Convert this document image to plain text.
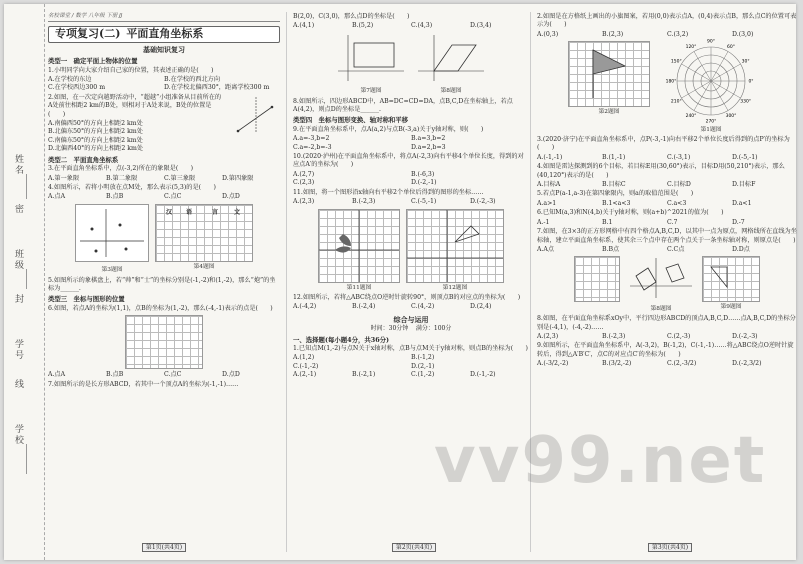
姓名
密
班级
封
学号
线
学校
名校课堂 / 数学 八年级 下册 JJ
专项复习(二) 平面直角坐标系
基础知识复习
类型一　确定平面上物体的位置
1.小明同学向大家介绍自己家的位置，其表述正确的是(　　)
A.在学校的东边	B.在学校的西北方向
C.在学校西边300 m	D.在学校北偏西30°，距离学校300 m
2.如图，在一次定向越野活动中，“超越”小组准备从目前所在的A处前往相距2 km的B处，则相对于A处来说，B处的位置是(　　)
A.南偏西50°的方向上相距2 km处
B.北偏东50°的方向上相距2 km处
C.南偏东50°的方向上相距2 km处
D.北偏西40°的方向上相距2 km处
类型二　平面直角坐标系
3.在平面直角坐标系中，点(-3,2)所在的象限是(　　)
A.第一象限	B.第二象限	C.第三象限	D.第四象限
4.如图所示，若将小明放在点M处，那么表示(5,3)的是(　　)
A.点A	B.点B	C.点C	D.点D
第3题图
汉 语	言	文
第4题图
5.如图所示的象棋盘上，若“帅”和“士”的坐标分别是(-1,-2)和(1,-2)，那么“炮”的坐标为______.
类型三　坐标与图形的位置
6.如图，若点A的坐标为(1,1)，点B的坐标为(1,-2)，那么(-4,-1)表示的点是(　　)
A.点A	B.点B	C.点C	D.点D
7.如图所示的是长方形ABCD，若其中一个顶点A的坐标为(-1,-1)……
第1页(共4页)
B(2,0)，C(3,0)，那么点D的坐标是(　　)
A.(4,1)	B.(5,2)	C.(4,3)	D.(3,4)
第7题图	第8题图
8.如图所示，四边形ABCD中，AB=DC=CD=DA，点B,C,D在坐标轴上，若点A(4,2)，则点D的坐标是______.
类型四　坐标与图形变换、轴对称和平移
9.在平面直角坐标系中，点A(a,2)与点B(-3,a)关于y轴对称，则(　　)
A.a=-3,b=2	B.a=3,b=2
C.a=-2,b=-3	D.a=2,b=3
10.(2020·泸州)在平面直角坐标系中，将点A(-2,3)向右平移4个单位长度，得到的对应点A′的坐标为(　　)
A.(2,7)	B.(-6,3)
C.(2,3)	D.(-2,-1)
11.如图，将一个图形沿x轴向右平移2个单位后得到的图形的坐标……
A.(2,3)	B.(-2,3)	C.(-5,-1)	D.(-2,-3)
第11题图	第12题图
12.如图所示，若将△ABC绕点O逆时针旋转90°，则顶点B的对应点的坐标为(　　)
A.(-4,2)	B.(-2,4)	C.(4,-2)	D.(2,4)
综合与运用
时间：30分钟 满分：100分
一、选择题(每小题4分，共36分)
1.已知点M(1,-2)与点N关于x轴对称，点B与点M关于y轴对称，则点B的坐标为(　　)
A.(1,2)	B.(-1,2)
C.(-1,-2)	D.(2,-1)
A.(2,-1)	B.(-2,1)	C.(1,-2)	D.(-1,-2)
第2页(共4页)
2.如图是在方格纸上画出的小旗图案，若用(0,0)表示点A，(0,4)表示点B，那么点C的位置可表示为(　　)
A.(0,3)	B.(2,3)	C.(3,2)	D.(3,0)
第2题图
0°
30°
60°
90°
120°
150°
180°
210°
240°
270°
300°
330°
第1题图
3.(2020·济宁)在平面直角坐标系中，点P(-3,-1)向右平移2个单位长度后得到的点P′的坐标为(　　)
A.(-1,-1)	B.(1,-1)	C.(-3,1)	D.(-5,-1)
4.如图是雷达探测到的6个目标，若目标E用(30,60°)表示，目标D用(50,210°)表示，那么(40,120°)表示的是(　　)
A.目标A	B.目标C	C.目标D	D.目标F
5.若点P(a-1,a-3)在第四象限内，则a的取值范围是(　　)
A.a>1	B.1<a<3	C.a<3	D.a<1
6.已知M(a,3)和N(4,b)关于y轴对称，则(a+b)^2021的值为(　　)
A.-1	B.1	C.7	D.-7
7.如图，在3×3的正方形网格中有四个格点A,B,C,D，以其中一点为原点，网格线所在直线为坐标轴，建立平面直角坐标系，使其余三个点中存在两个点关于一条坐标轴对称，则原点是(　　)
A.A点	B.B点	C.C点	D.D点
第8题图	第9题图
8.如图，在平面直角坐标系xOy中，平行四边形ABCD的顶点A,B,C,D……点A,B,C,D的坐标分别是(-4,1)，(-4,-2)……
A.(2,3)	B.(-2,3)	C.(2,-3)	D.(-2,-3)
9.如图所示，在平面直角坐标系中，A(-3,2)，B(-1,2)，C(-1,-1)……将△ABC绕点O逆时针旋转后，得到△A′B′C′，点C的对应点C′的坐标为(　　)
A.(-3/2,-2)	B.(3/2,-2)	C.(2,-3/2)	D.(-2,3/2)
第3页(共4页)
vv99.net
